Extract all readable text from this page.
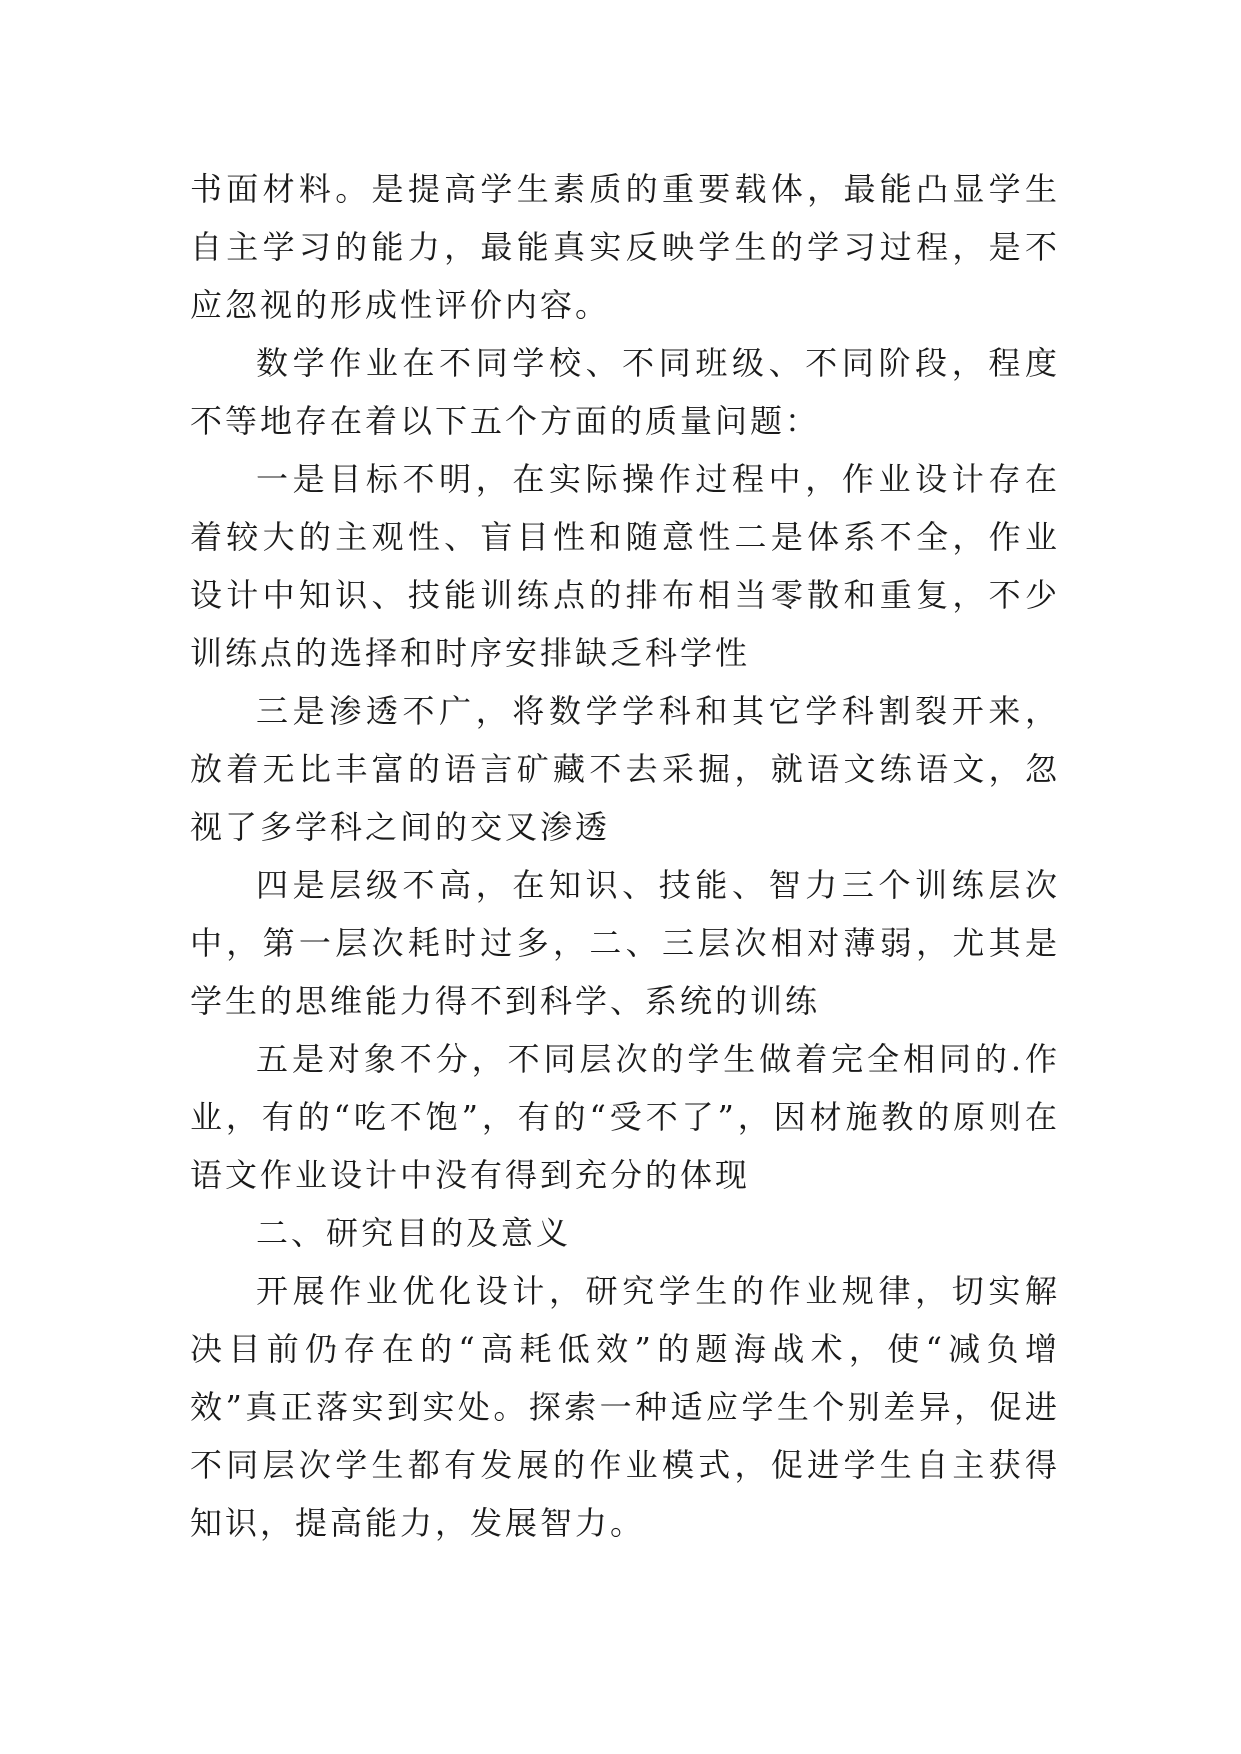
书面材料。是提高学生素质的重要载体，最能凸显学生自主学习的能力，最能真实反映学生的学习过程，是不应忽视的形成性评价内容。

数学作业在不同学校、不同班级、不同阶段，程度不等地存在着以下五个方面的质量问题：

一是目标不明，在实际操作过程中，作业设计存在着较大的主观性、盲目性和随意性二是体系不全，作业设计中知识、技能训练点的排布相当零散和重复，不少训练点的选择和时序安排缺乏科学性

三是渗透不广，将数学学科和其它学科割裂开来，放着无比丰富的语言矿藏不去采掘，就语文练语文，忽视了多学科之间的交叉渗透

四是层级不高，在知识、技能、智力三个训练层次中，第一层次耗时过多，二、三层次相对薄弱，尤其是学生的思维能力得不到科学、系统的训练

五是对象不分，不同层次的学生做着完全相同的.作业，有的“吃不饱”，有的“受不了”，因材施教的原则在语文作业设计中没有得到充分的体现

二、研究目的及意义

开展作业优化设计，研究学生的作业规律，切实解决目前仍存在的“高耗低效”的题海战术，使“减负增效”真正落实到实处。探索一种适应学生个别差异，促进不同层次学生都有发展的作业模式，促进学生自主获得知识，提高能力，发展智力。
